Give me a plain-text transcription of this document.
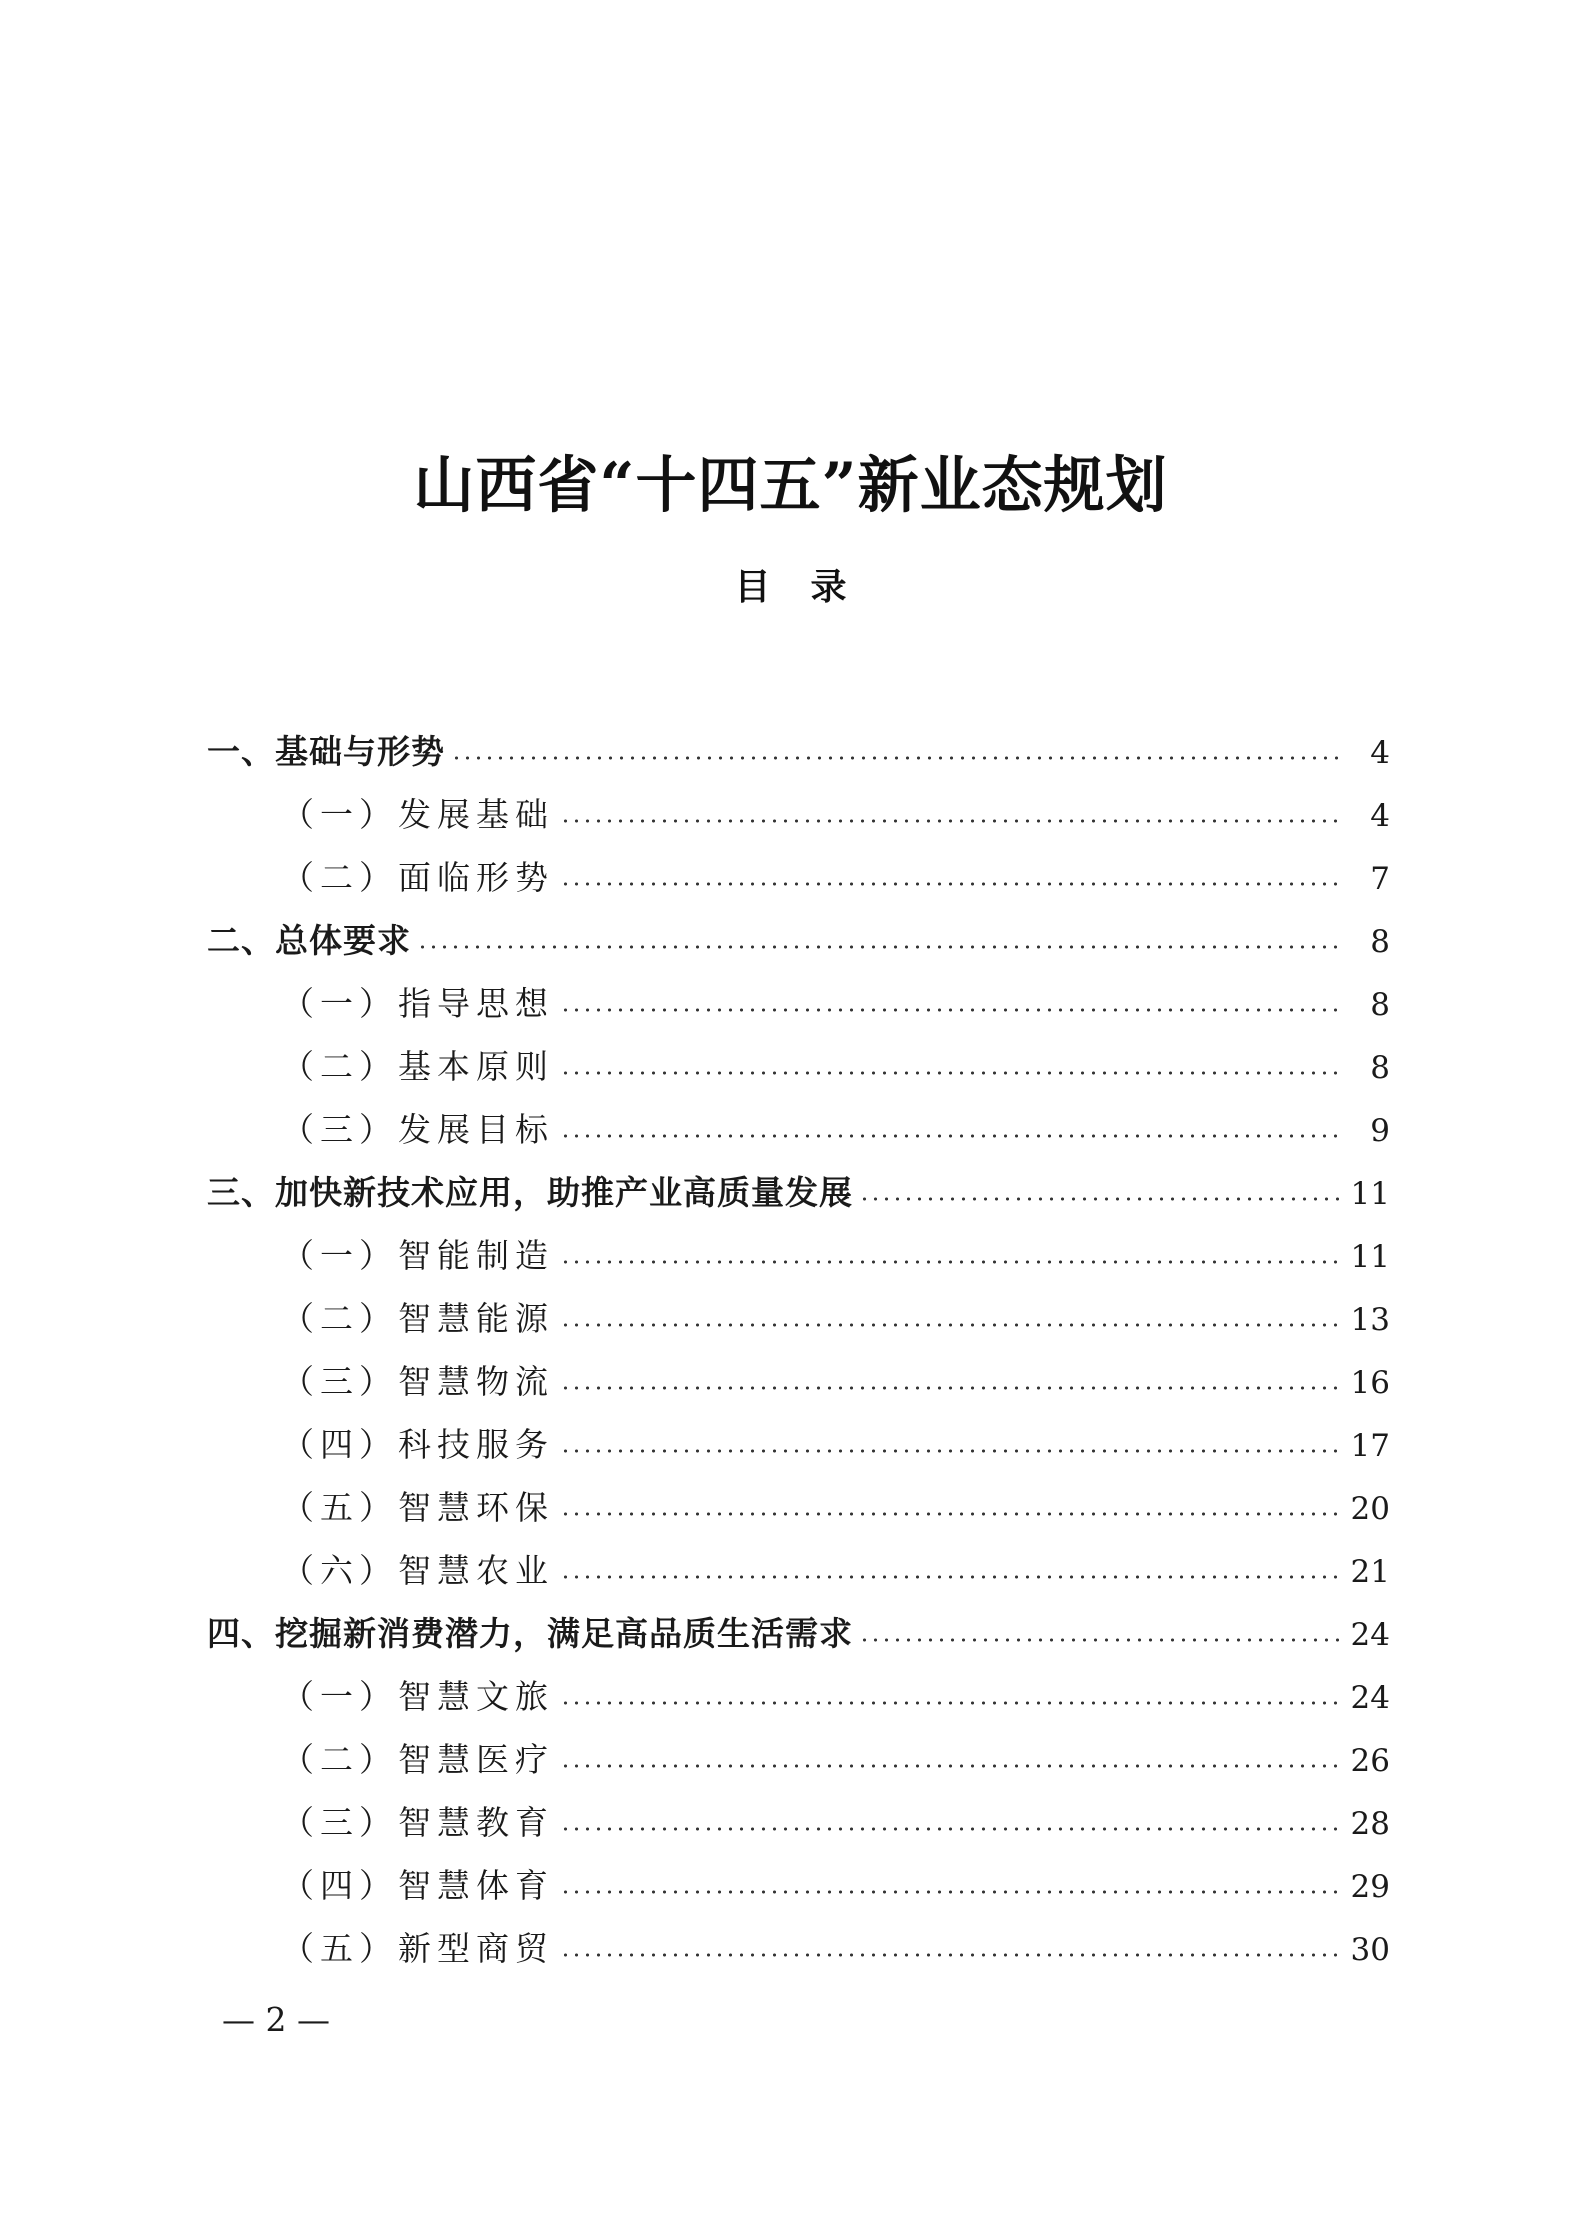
山西省“十四五”新业态规划
目录
一、基础与形势	4
（一）发展基础	4
（二）面临形势	7
二、总体要求	8
（一）指导思想	8
（二）基本原则	8
（三）发展目标	9
三、加快新技术应用，助推产业高质量发展	11
（一）智能制造	11
（二）智慧能源	13
（三）智慧物流	16
（四）科技服务	17
（五）智慧环保	20
（六）智慧农业	21
四、挖掘新消费潜力，满足高品质生活需求	24
（一）智慧文旅	24
（二）智慧医疗	26
（三）智慧教育	28
（四）智慧体育	29
（五）新型商贸	30
— 2 —
